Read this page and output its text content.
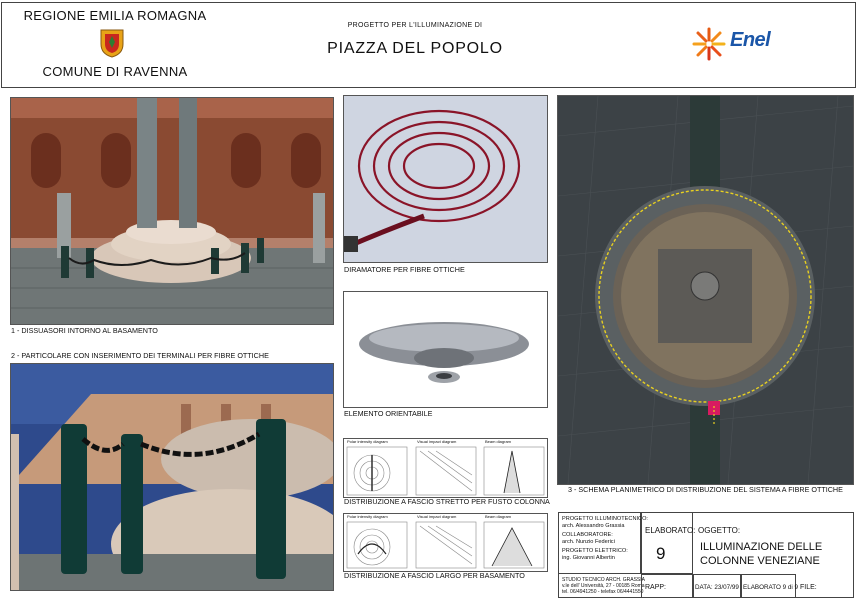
REGIONE EMILIA ROMAGNA
COMUNE DI RAVENNA
PROGETTO PER L'ILLUMINAZIONE DI
PIAZZA DEL POPOLO	Enel
1 - DISSUASORI INTORNO AL BASAMENTO
2 - PARTICOLARE CON INSERIMENTO DEI TERMINALI PER FIBRE OTTICHE
DIRAMATORE PER FIBRE OTTICHE
ELEMENTO ORIENTABILE
Polar intensity diagram	Visual impact diagram	Beam diagram
DISTRIBUZIONE A FASCIO STRETTO PER FUSTO COLONNA
Polar intensity diagram	Visual impact diagram	Beam diagram
DISTRIBUZIONE A FASCIO LARGO PER BASAMENTO
3 - SCHEMA PLANIMETRICO DI DISTRIBUZIONE DEL SISTEMA A FIBRE OTTICHE
PROGETTO ILLUMINOTECNICO:
arch. Alessandro Grassia
COLLABORATORE:
arch. Nunzio Federici
PROGETTO ELETTRICO:
ing. Giovanni Albertin
STUDIO TECNICO ARCH. GRASSIA
v.le dell' Università, 27 - 00185 Roma
tel. 06/4941250 - telefax 06/4441550
ELABORATO:
9
OGGETTO:
ILLUMINAZIONE DELLE
COLONNE VENEZIANE
RAPP:	DATA: 23/07/99 ELABORATO 9 di 9 FILE:
